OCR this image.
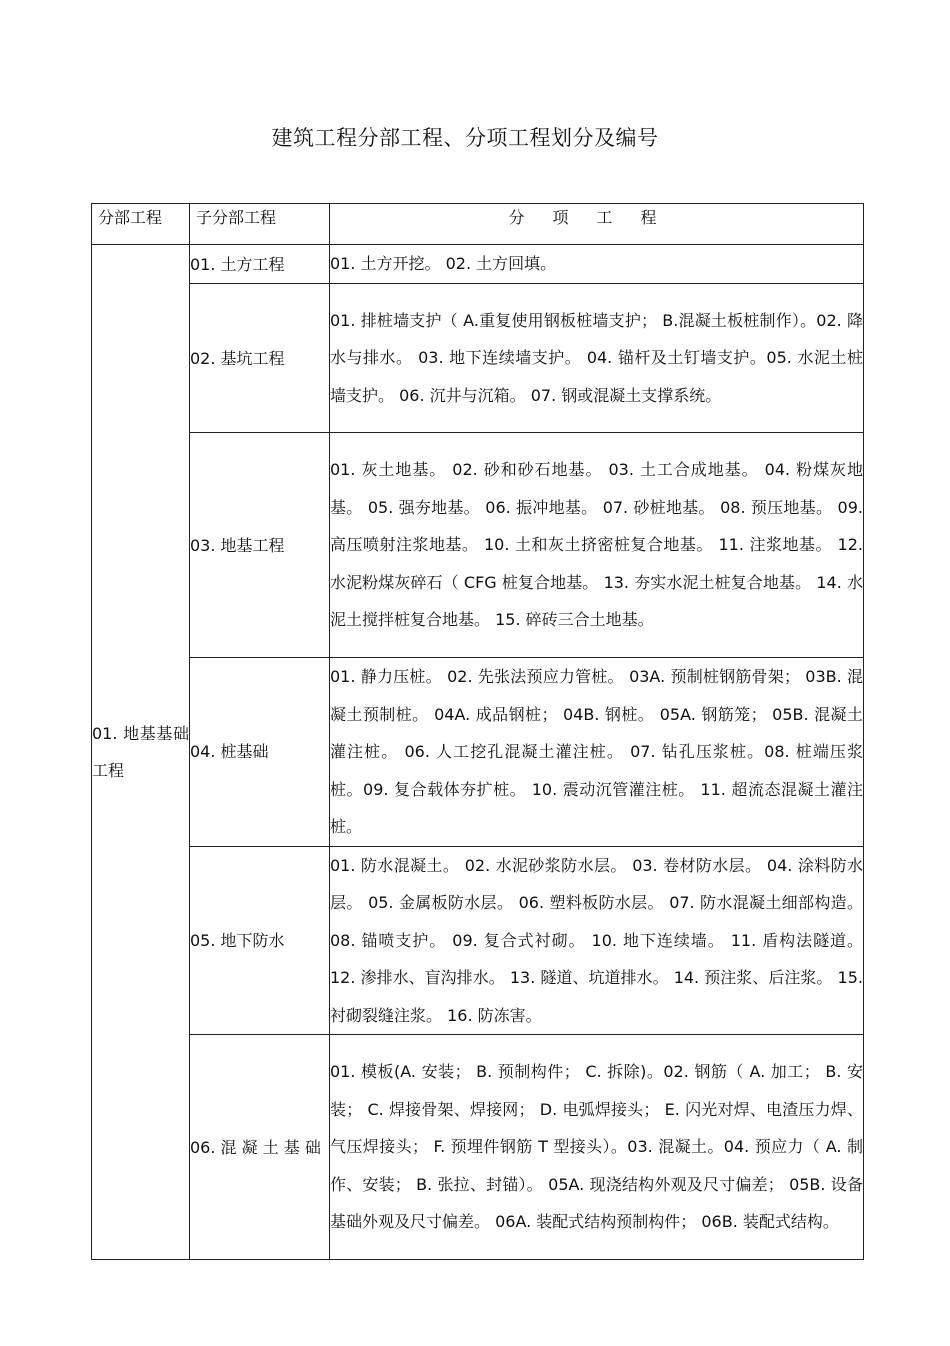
建筑工程分部工程、分项工程划分及编号
分部工程	子分部工程	分项工程
01. 地基基础工程	01. 土方工程	01. 土方开挖。 02. 土方回填。
	02. 基坑工程	01. 排桩墙支护（ A.重复使用钢板桩墙支护； B.混凝土板桩制作）。02. 降水与排水。 03. 地下连续墙支护。 04. 锚杆及土钉墙支护。05. 水泥土桩墙支护。 06. 沉井与沉箱。 07. 钢或混凝土支撑系统。
	03. 地基工程	01. 灰土地基。 02. 砂和砂石地基。 03. 土工合成地基。 04. 粉煤灰地基。 05. 强夯地基。 06. 振冲地基。 07. 砂桩地基。 08. 预压地基。 09. 高压喷射注浆地基。 10. 土和灰土挤密桩复合地基。 11. 注浆地基。 12. 水泥粉煤灰碎石（ CFG 桩复合地基。 13. 夯实水泥土桩复合地基。 14. 水泥土搅拌桩复合地基。 15. 碎砖三合土地基。
	04. 桩基础	01. 静力压桩。 02. 先张法预应力管桩。 03A. 预制桩钢筋骨架； 03B. 混凝土预制桩。 04A. 成品钢桩； 04B. 钢桩。 05A. 钢筋笼； 05B. 混凝土灌注桩。 06. 人工挖孔混凝土灌注桩。 07. 钻孔压浆桩。08. 桩端压浆桩。09. 复合载体夯扩桩。 10. 震动沉管灌注桩。 11. 超流态混凝土灌注桩。
	05. 地下防水	01. 防水混凝土。 02. 水泥砂浆防水层。 03. 卷材防水层。 04. 涂料防水层。 05. 金属板防水层。 06. 塑料板防水层。 07. 防水混凝土细部构造。 08. 锚喷支护。 09. 复合式衬砌。 10. 地下连续墙。 11. 盾构法隧道。 12. 渗排水、盲沟排水。 13. 隧道、坑道排水。 14. 预注浆、后注浆。 15. 衬砌裂缝注浆。 16. 防冻害。
	06. 混 凝 土 基 础	01. 模板(A. 安装； B. 预制构件； C. 拆除)。02. 钢筋（ A. 加工； B. 安装； C. 焊接骨架、焊接网； D. 电弧焊接头； E. 闪光对焊、电渣压力焊、气压焊接头； F. 预埋件钢筋 T 型接头）。03. 混凝土。04. 预应力（ A. 制作、安装； B. 张拉、封锚）。 05A. 现浇结构外观及尺寸偏差； 05B. 设备基础外观及尺寸偏差。 06A. 装配式结构预制构件； 06B. 装配式结构。
